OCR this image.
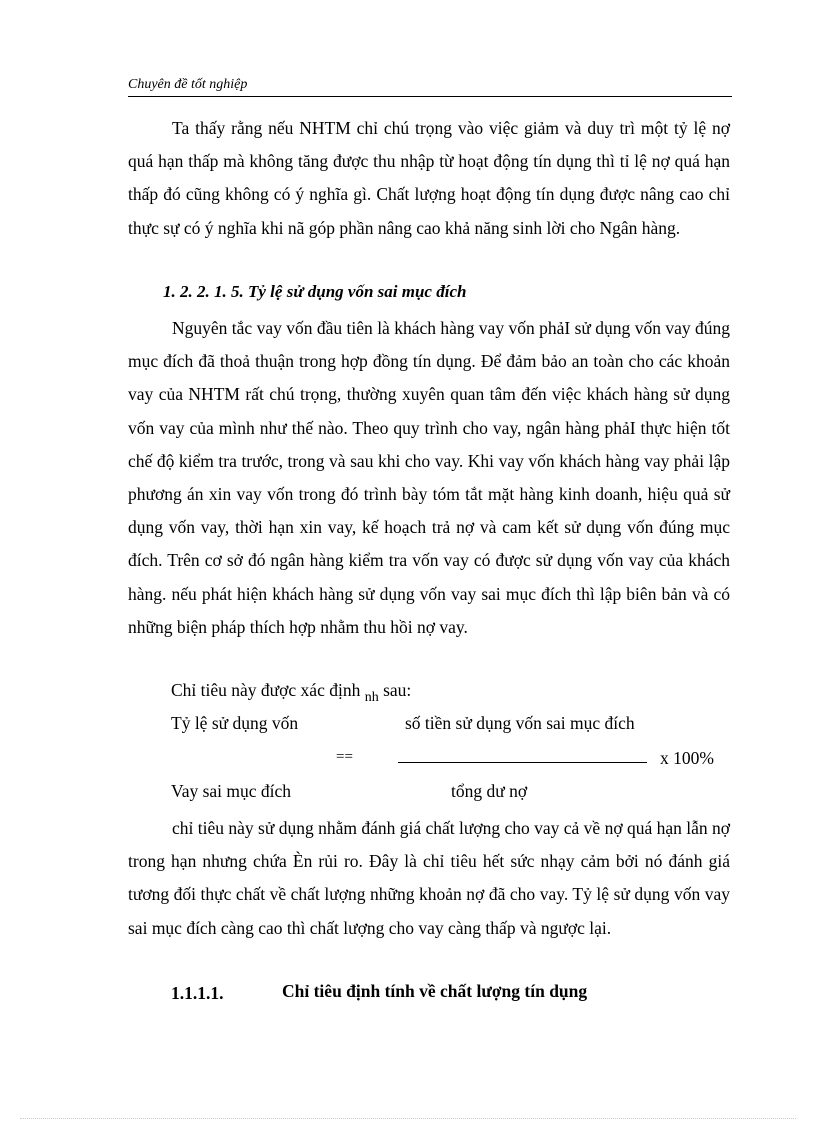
Chuyên đề tốt nghiệp

Ta thấy rằng nếu NHTM chỉ chú trọng vào việc giảm và duy trì một tỷ lệ nợ quá hạn thấp mà không tăng được thu nhập từ hoạt động tín dụng thì tỉ lệ nợ quá hạn thấp đó cũng không có ý nghĩa gì. Chất lượng hoạt động tín dụng được nâng cao chỉ thực sự có ý nghĩa khi nã góp phần nâng cao khả năng sinh lời cho Ngân hàng.

1. 2. 2. 1. 5. Tỷ lệ sử dụng vốn sai mục đích

Nguyên tắc vay vốn đầu tiên là khách hàng vay vốn phảI sử dụng vốn vay đúng mục đích đã thoả thuận trong hợp đồng tín dụng. Để đảm bảo an toàn cho các khoản vay của NHTM rất chú trọng, thường xuyên quan tâm đến việc khách hàng sử dụng vốn vay của mình như thế nào. Theo quy trình cho vay, ngân hàng phảI thực hiện tốt chế độ kiểm tra trước, trong và sau khi cho vay. Khi vay vốn khách hàng vay phải lập phương án xin vay vốn trong đó trình bày tóm tắt mặt hàng kinh doanh, hiệu quả sử dụng vốn vay, thời hạn xin vay, kế hoạch trả nợ và cam kết sử dụng vốn đúng mục đích. Trên cơ sở đó ngân hàng kiểm tra vốn vay có được sử dụng vốn vay của khách hàng. nếu phát hiện khách hàng sử dụng vốn vay sai mục đích thì lập biên bản và có những biện pháp thích hợp nhằm thu hồi nợ vay.

Chỉ tiêu này được xác định $_{nh}$ sau:
Tỷ lệ sử dụng vốn	số tiền sử dụng vốn sai mục đích
==	x 100%
Vay sai mục đích	tổng dư nợ

chỉ tiêu này sử dụng nhằm đánh giá chất lượng cho vay cả về nợ quá hạn lẫn nợ trong hạn nhưng chứa Èn rủi ro. Đây là chỉ tiêu hết sức nhạy cảm bởi nó đánh giá tương đối thực chất về chất lượng những khoản nợ đã cho vay. Tỷ lệ sử dụng vốn vay sai mục đích càng cao thì chất lượng cho vay càng thấp và ngược lại.

1.1.1.1.	Chỉ tiêu định tính về chất lượng tín dụng
